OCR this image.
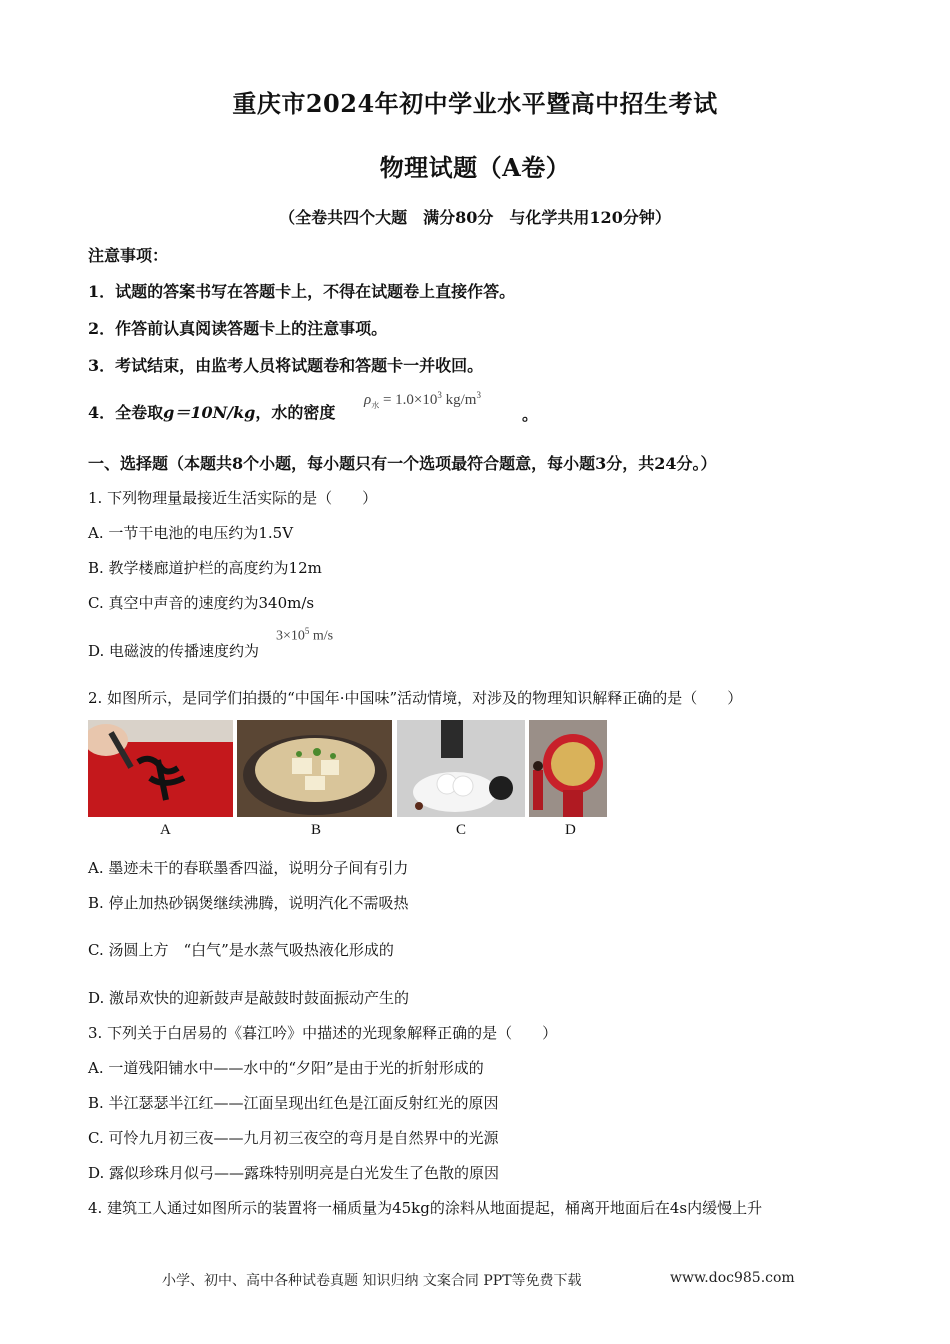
重庆市2024年初中学业水平暨高中招生考试
物理试题（A卷）
（全卷共四个大题　满分80分　与化学共用120分钟）
注意事项：
1．试题的答案书写在答题卡上，不得在试题卷上直接作答。
2．作答前认真阅读答题卡上的注意事项。
3．考试结束，由监考人员将试题卷和答题卡一并收回。
4．全卷取g＝10N/kg，水的密度
$\rho_水 = 1.0\times 10^3$ $kg/m^3$
。
一、选择题（本题共8个小题，每小题只有一个选项最符合题意，每小题3分，共24分。）
1. 下列物理量最接近生活实际的是（　　）
A. 一节干电池的电压约为1.5V
B. 教学楼廊道护栏的高度约为12m
C. 真空中声音的速度约为340m/s
D. 电磁波的传播速度约为
$3\times 10^5$ m/s
2. 如图所示，是同学们拍摄的“中国年·中国味”活动情境，对涉及的物理知识解释正确的是（　　）
A	B	C	D
A. 墨迹未干的春联墨香四溢，说明分子间有引力
B. 停止加热砂锅煲继续沸腾，说明汽化不需吸热
C. 汤圆上方　“白气”是水蒸气吸热液化形成的
D. 激昂欢快的迎新鼓声是敲鼓时鼓面振动产生的
3. 下列关于白居易的《暮江吟》中描述的光现象解释正确的是（　　）
A. 一道残阳铺水中——水中的“夕阳”是由于光的折射形成的
B. 半江瑟瑟半江红——江面呈现出红色是江面反射红光的原因
C. 可怜九月初三夜——九月初三夜空的弯月是自然界中的光源
D. 露似珍珠月似弓——露珠特别明亮是白光发生了色散的原因
4. 建筑工人通过如图所示的装置将一桶质量为45kg的涂料从地面提起，桶离开地面后在4s内缓慢上升
小学、初中、高中各种试卷真题 知识归纳 文案合同 PPT等免费下载	www.doc985.com
